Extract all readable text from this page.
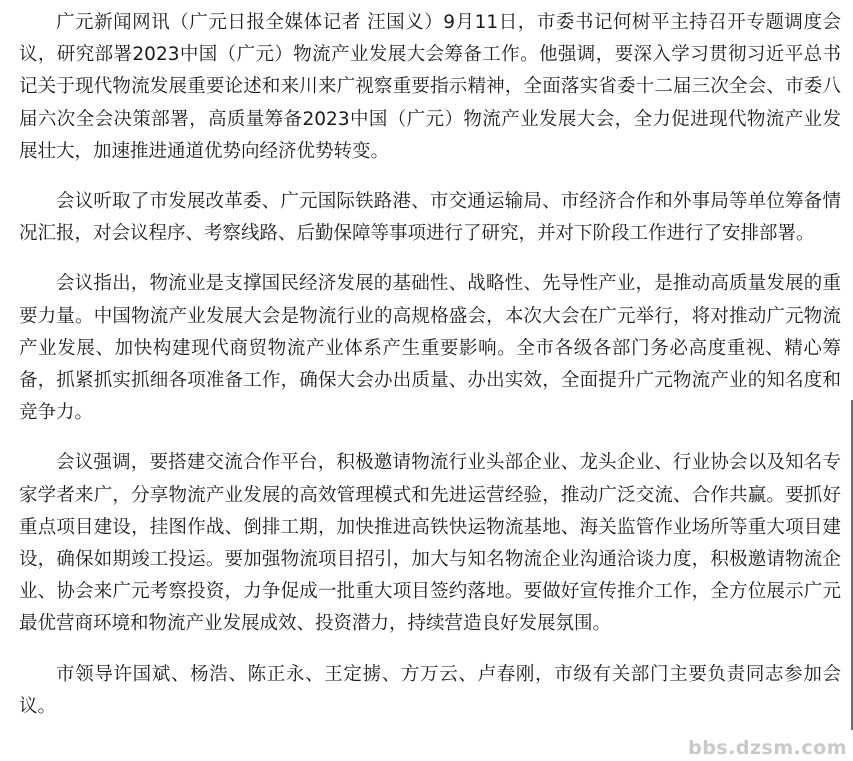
广元新闻网讯（广元日报全媒体记者 汪国义）9月11日，市委书记何树平主持召开专题调度会议，研究部署2023中国（广元）物流产业发展大会筹备工作。他强调，要深入学习贯彻习近平总书记关于现代物流发展重要论述和来川来广视察重要指示精神，全面落实省委十二届三次全会、市委八届六次全会决策部署，高质量筹备2023中国（广元）物流产业发展大会，全力促进现代物流产业发展壮大，加速推进通道优势向经济优势转变。

会议听取了市发展改革委、广元国际铁路港、市交通运输局、市经济合作和外事局等单位筹备情况汇报，对会议程序、考察线路、后勤保障等事项进行了研究，并对下阶段工作进行了安排部署。

会议指出，物流业是支撑国民经济发展的基础性、战略性、先导性产业，是推动高质量发展的重要力量。中国物流产业发展大会是物流行业的高规格盛会，本次大会在广元举行，将对推动广元物流产业发展、加快构建现代商贸物流产业体系产生重要影响。全市各级各部门务必高度重视、精心筹备，抓紧抓实抓细各项准备工作，确保大会办出质量、办出实效，全面提升广元物流产业的知名度和竞争力。

会议强调，要搭建交流合作平台，积极邀请物流行业头部企业、龙头企业、行业协会以及知名专家学者来广，分享物流产业发展的高效管理模式和先进运营经验，推动广泛交流、合作共赢。要抓好重点项目建设，挂图作战、倒排工期，加快推进高铁快运物流基地、海关监管作业场所等重大项目建设，确保如期竣工投运。要加强物流项目招引，加大与知名物流企业沟通洽谈力度，积极邀请物流企业、协会来广元考察投资，力争促成一批重大项目签约落地。要做好宣传推介工作，全方位展示广元最优营商环境和物流产业发展成效、投资潜力，持续营造良好发展氛围。

市领导许国斌、杨浩、陈正永、王定掳、方万云、卢春刚，市级有关部门主要负责同志参加会议。

bbs.dzsm.com
